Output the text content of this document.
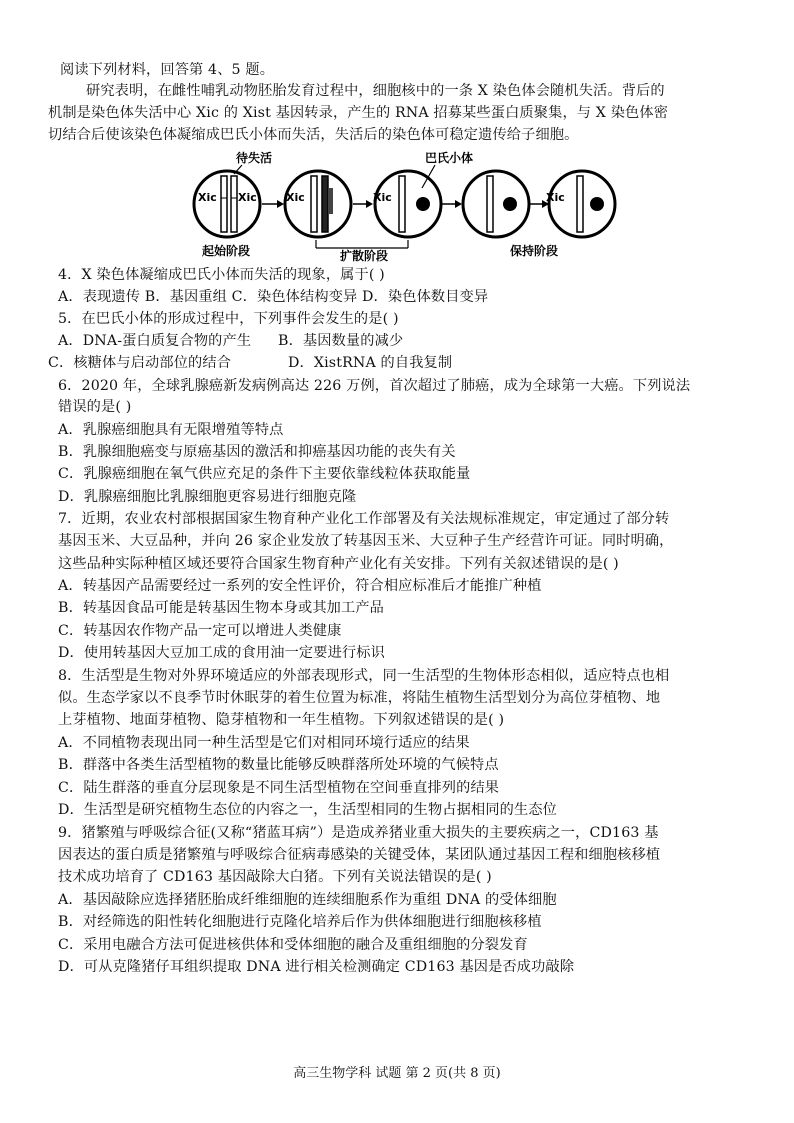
阅读下列材料，回答第 4、5 题。
研究表明，在雌性哺乳动物胚胎发育过程中，细胞核中的一条 X 染色体会随机失活。背后的
机制是染色体失活中心 Xic 的 Xist 基因转录，产生的 RNA 招募某些蛋白质聚集，与 X 染色体密
切结合后使该染色体凝缩成巴氏小体而失活，失活后的染色体可稳定遗传给子细胞。
待失活	巴氏小体
Xic Xic	Xic	Xic	Xic
起始阶段	扩散阶段	保持阶段
4．X 染色体凝缩成巴氏小体而失活的现象，属于( )
A．表现遗传 B．基因重组 C．染色体结构变异 D．染色体数目变异
5．在巴氏小体的形成过程中，下列事件会发生的是( )
A．DNA-蛋白质复合物的产生 B．基因数量的减少
C．核糖体与启动部位的结合	D．XistRNA 的自我复制
6．2020 年，全球乳腺癌新发病例高达 226 万例，首次超过了肺癌，成为全球第一大癌。下列说法
错误的是( )
A．乳腺癌细胞具有无限增殖等特点
B．乳腺细胞癌变与原癌基因的激活和抑癌基因功能的丧失有关
C．乳腺癌细胞在氧气供应充足的条件下主要依靠线粒体获取能量
D．乳腺癌细胞比乳腺细胞更容易进行细胞克隆
7．近期，农业农村部根据国家生物育种产业化工作部署及有关法规标准规定，审定通过了部分转
基因玉米、大豆品种，并向 26 家企业发放了转基因玉米、大豆种子生产经营许可证。同时明确，
这些品种实际种植区域还要符合国家生物育种产业化有关安排。下列有关叙述错误的是( )
A．转基因产品需要经过一系列的安全性评价，符合相应标准后才能推广种植
B．转基因食品可能是转基因生物本身或其加工产品
C．转基因农作物产品一定可以增进人类健康
D．使用转基因大豆加工成的食用油一定要进行标识
8．生活型是生物对外界环境适应的外部表现形式，同一生活型的生物体形态相似，适应特点也相
似。生态学家以不良季节时休眠芽的着生位置为标准，将陆生植物生活型划分为高位芽植物、地
上芽植物、地面芽植物、隐芽植物和一年生植物。下列叙述错误的是( )
A．不同植物表现出同一种生活型是它们对相同环境行适应的结果
B．群落中各类生活型植物的数量比能够反映群落所处环境的气候特点
C．陆生群落的垂直分层现象是不同生活型植物在空间垂直排列的结果
D．生活型是研究植物生态位的内容之一，生活型相同的生物占据相同的生态位
9．猪繁殖与呼吸综合征(又称“猪蓝耳病”）是造成养猪业重大损失的主要疾病之一，CD163 基
因表达的蛋白质是猪繁殖与呼吸综合征病毒感染的关键受体，某团队通过基因工程和细胞核移植
技术成功培育了 CD163 基因敲除大白猪。下列有关说法错误的是( )
A．基因敲除应选择猪胚胎成纤维细胞的连续细胞系作为重组 DNA 的受体细胞
B．对经筛选的阳性转化细胞进行克隆化培养后作为供体细胞进行细胞核移植
C．采用电融合方法可促进核供体和受体细胞的融合及重组细胞的分裂发育
D．可从克隆猪仔耳组织提取 DNA 进行相关检测确定 CD163 基因是否成功敲除
高三生物学科 试题 第 2 页(共 8 页)
